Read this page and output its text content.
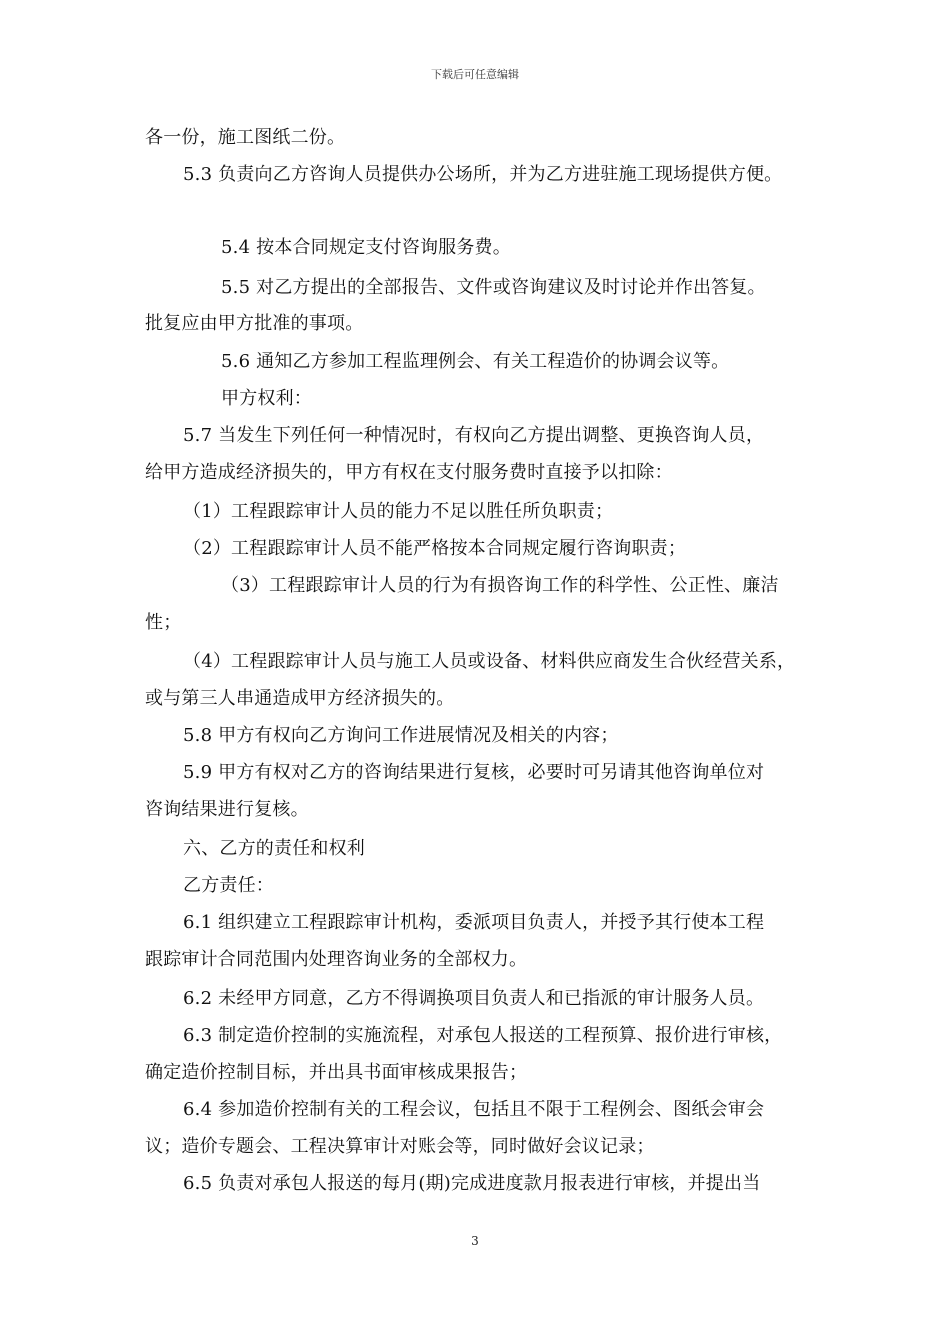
下载后可任意编辑
各一份，施工图纸二份。
5.3 负责向乙方咨询人员提供办公场所，并为乙方进驻施工现场提供方便。
5.4 按本合同规定支付咨询服务费。
5.5 对乙方提出的全部报告、文件或咨询建议及时讨论并作出答复。
批复应由甲方批准的事项。
5.6 通知乙方参加工程监理例会、有关工程造价的协调会议等。
甲方权利：
5.7 当发生下列任何一种情况时，有权向乙方提出调整、更换咨询人员，
给甲方造成经济损失的，甲方有权在支付服务费时直接予以扣除：
（1）工程跟踪审计人员的能力不足以胜任所负职责；
（2）工程跟踪审计人员不能严格按本合同规定履行咨询职责；
（3）工程跟踪审计人员的行为有损咨询工作的科学性、公正性、廉洁
性；
（4）工程跟踪审计人员与施工人员或设备、材料供应商发生合伙经营关系，
或与第三人串通造成甲方经济损失的。
5.8 甲方有权向乙方询问工作进展情况及相关的内容；
5.9 甲方有权对乙方的咨询结果进行复核，必要时可另请其他咨询单位对
咨询结果进行复核。
六、乙方的责任和权利
乙方责任：
6.1 组织建立工程跟踪审计机构，委派项目负责人，并授予其行使本工程
跟踪审计合同范围内处理咨询业务的全部权力。
6.2 未经甲方同意，乙方不得调换项目负责人和已指派的审计服务人员。
6.3 制定造价控制的实施流程，对承包人报送的工程预算、报价进行审核，
确定造价控制目标，并出具书面审核成果报告；
6.4 参加造价控制有关的工程会议，包括且不限于工程例会、图纸会审会
议；造价专题会、工程决算审计对账会等，同时做好会议记录；
6.5 负责对承包人报送的每月(期)完成进度款月报表进行审核，并提出当
3
